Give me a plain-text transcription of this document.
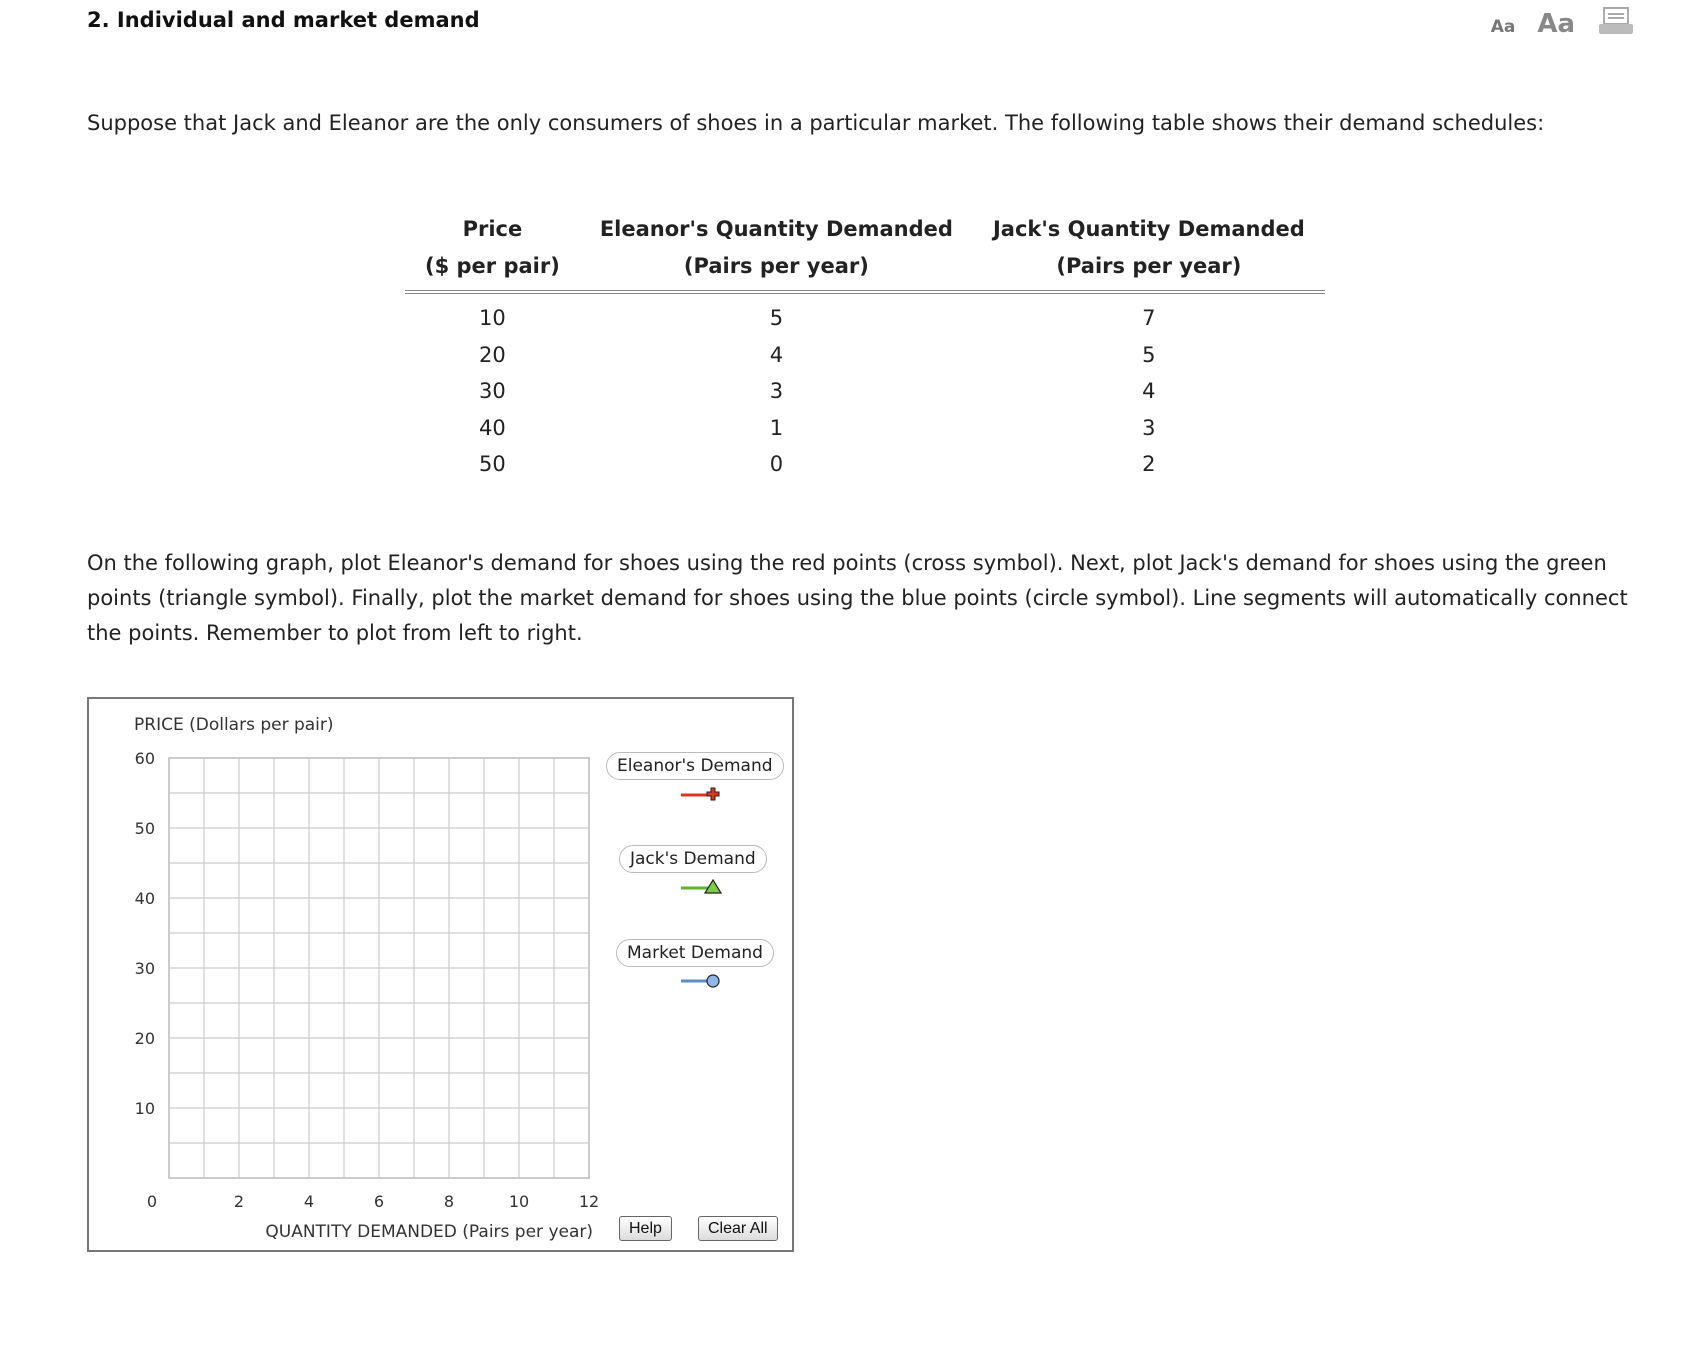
2. Individual and market demand	Aa Aa
Suppose that Jack and Eleanor are the only consumers of shoes in a particular market. The following table shows their demand schedules:
Price	Eleanor's Quantity Demanded	Jack's Quantity Demanded
($ per pair)	(Pairs per year)	(Pairs per year)
10	5	7
20	4	5
30	3	4
40	1	3
50	0	2
On the following graph, plot Eleanor's demand for shoes using the red points (cross symbol). Next, plot Jack's demand for shoes using the green points (triangle symbol). Finally, plot the market demand for shoes using the blue points (circle symbol). Line segments will automatically connect the points. Remember to plot from left to right.
60
50
40
30
20
10
0	2	4	6	8	10	12
PRICE (Dollars per pair)
QUANTITY DEMANDED (Pairs per year)
Eleanor's Demand
Jack's Demand
Market Demand
Help	Clear All
